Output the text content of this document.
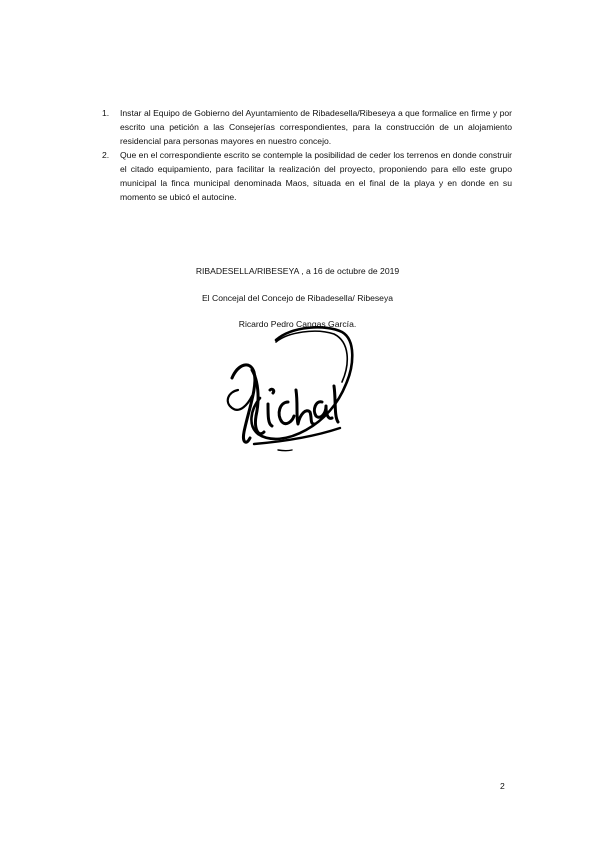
1. Instar al Equipo de Gobierno del Ayuntamiento de Ribadesella/Ribeseya a que formalice en firme y por escrito una petición a las Consejerías correspondientes, para la construcción de un alojamiento residencial para personas mayores en nuestro concejo.
2. Que en el correspondiente escrito se contemple la posibilidad de ceder los terrenos en donde construir el citado equipamiento, para facilitar la realización del proyecto, proponiendo para ello este grupo municipal la finca municipal denominada Maos, situada en el final de la playa y en donde en su momento se ubicó el autocine.
RIBADESELLA/RIBESEYA , a 16 de octubre de 2019
El Concejal del Concejo de Ribadesella/ Ribeseya
Ricardo Pedro Cangas García.
2
